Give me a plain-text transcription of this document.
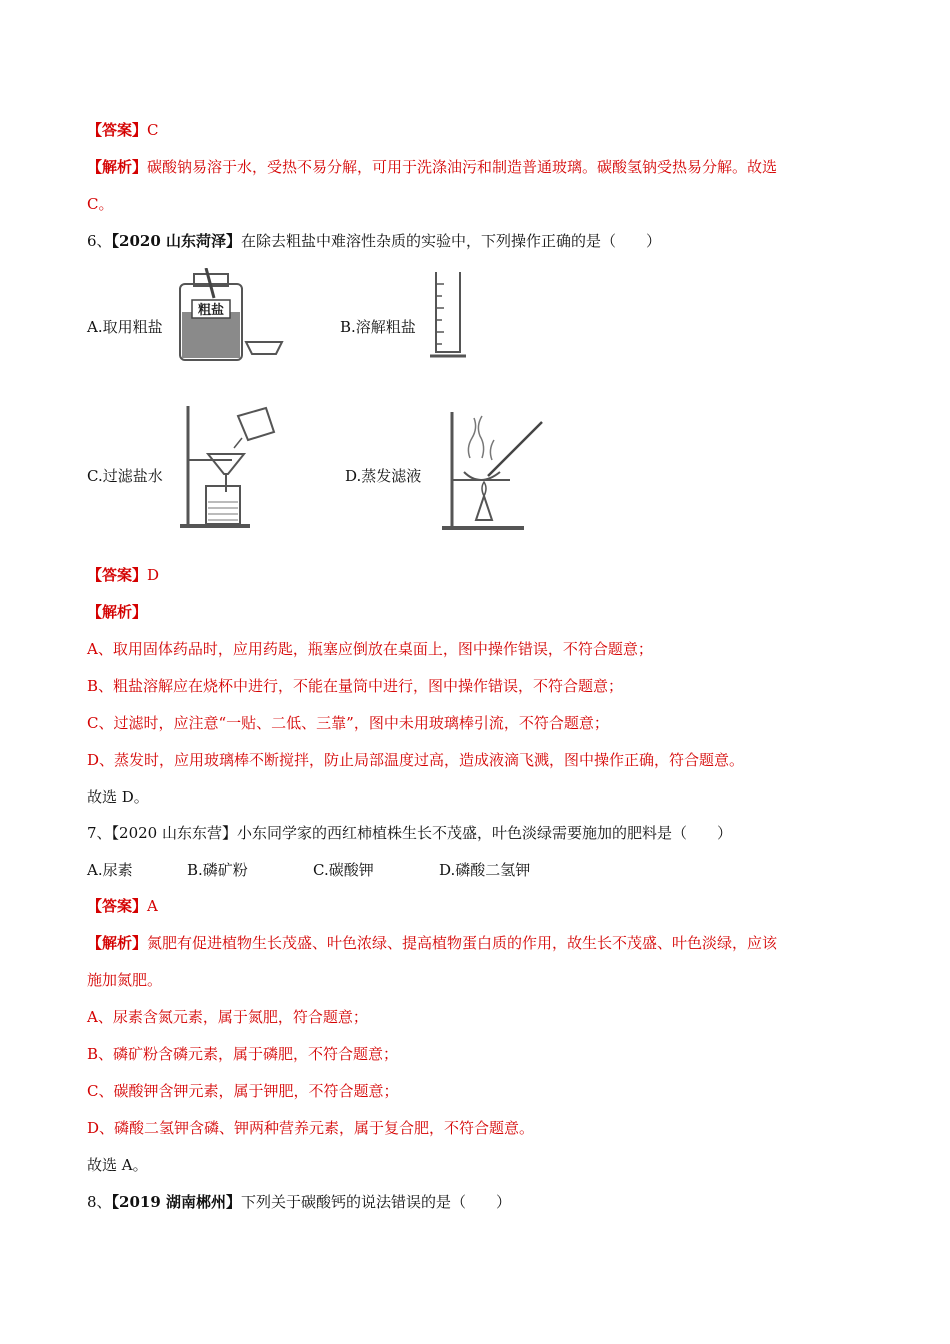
【答案】C
【解析】碳酸钠易溶于水，受热不易分解，可用于洗涤油污和制造普通玻璃。碳酸氢钠受热易分解。故选
C。
6、【2020 山东菏泽】在除去粗盐中难溶性杂质的实验中，下列操作正确的是（　　）
A.取用粗盐
粗盐
B.溶解粗盐
C.过滤盐水	D.蒸发滤液
【答案】D
【解析】
A、取用固体药品时，应用药匙，瓶塞应倒放在桌面上，图中操作错误，不符合题意；
B、粗盐溶解应在烧杯中进行，不能在量筒中进行，图中操作错误，不符合题意；
C、过滤时，应注意“一贴、二低、三靠”，图中未用玻璃棒引流，不符合题意；
D、蒸发时，应用玻璃棒不断搅拌，防止局部温度过高，造成液滴飞溅，图中操作正确，符合题意。
故选 D。
7、【2020 山东东营】小东同学家的西红柿植株生长不茂盛，叶色淡绿需要施加的肥料是（　　）
A.尿素	B.磷矿粉	C.碳酸钾	D.磷酸二氢钾
【答案】A
【解析】氮肥有促进植物生长茂盛、叶色浓绿、提高植物蛋白质的作用，故生长不茂盛、叶色淡绿，应该
施加氮肥。
A、尿素含氮元素，属于氮肥，符合题意；
B、磷矿粉含磷元素，属于磷肥，不符合题意；
C、碳酸钾含钾元素，属于钾肥，不符合题意；
D、磷酸二氢钾含磷、钾两种营养元素，属于复合肥，不符合题意。
故选 A。
8、【2019 湖南郴州】下列关于碳酸钙的说法错误的是（　　）
